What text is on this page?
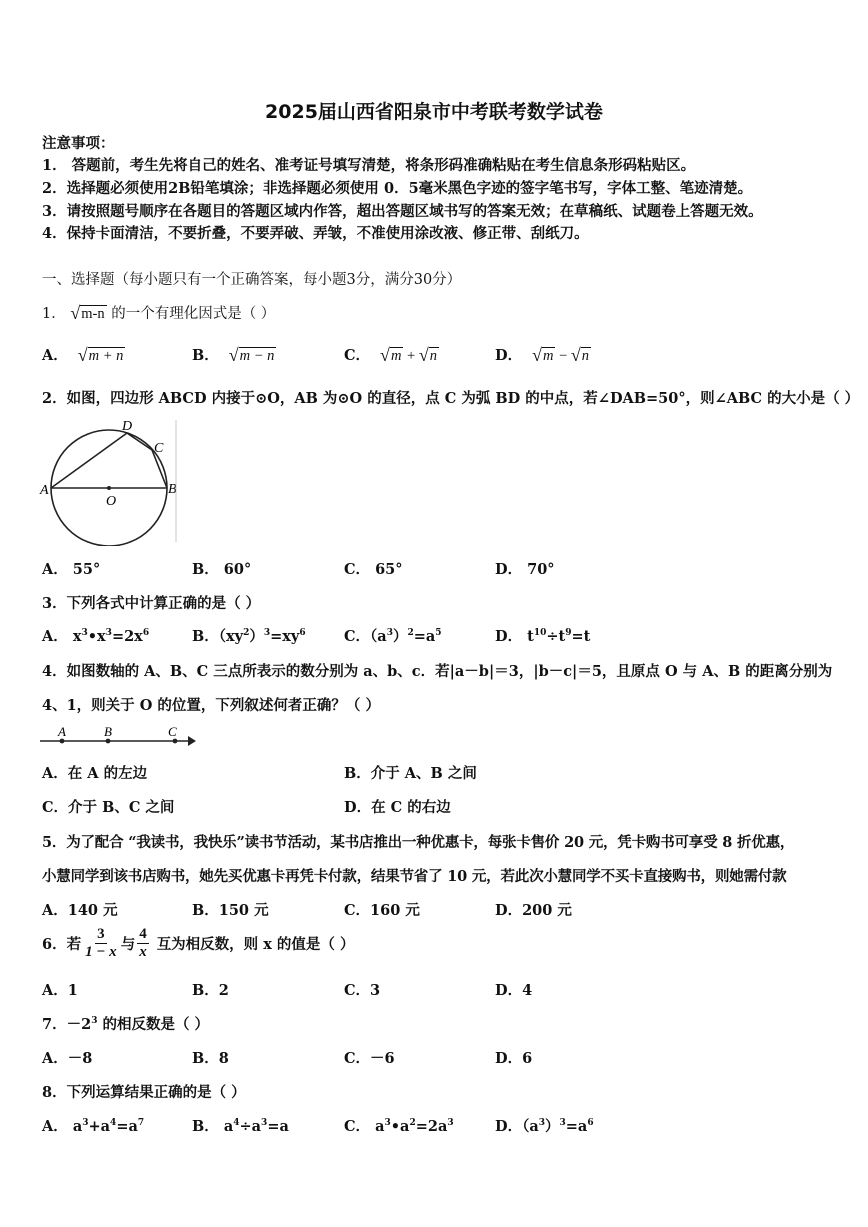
2025届山西省阳泉市中考联考数学试卷
注意事项：
1． 答题前，考生先将自己的姓名、准考证号填写清楚，将条形码准确粘贴在考生信息条形码粘贴区。
2．选择题必须使用2B铅笔填涂；非选择题必须使用 0．5毫米黑色字迹的签字笔书写，字体工整、笔迹清楚。
3．请按照题号顺序在各题目的答题区域内作答，超出答题区域书写的答案无效；在草稿纸、试题卷上答题无效。
4．保持卡面清洁，不要折叠，不要弄破、弄皱，不准使用涂改液、修正带、刮纸刀。
一、选择题（每小题只有一个正确答案，每小题3分，满分30分）
1． √m-n 的一个有理化因式是（ ）
A． √m + n	B． √m − n	C． √m + √n	D． √m − √n
2．如图，四边形 ABCD 内接于⊙O，AB 为⊙O 的直径，点 C 为弧 BD 的中点，若∠DAB=50°，则∠ABC 的大小是（ ）
A	B
C
D
O
A． 55°	B． 60°	C． 65°	D． 70°
3．下列各式中计算正确的是（ ）
A． $x^3•x^3=2x^6$	B．$(xy^2)^3=xy^6$	C．$(a^3)^2=a^5$	D． $t^{10}\div t^9=t$
4．如图数轴的 A、B、C 三点所表示的数分别为 a、b、c．若|a－b|＝3，|b－c|＝5，且原点 O 与 A、B 的距离分别为
4、1，则关于 O 的位置，下列叙述何者正确？（ ）
A	B	C
A．在 A 的左边	B．介于 A、B 之间
C．介于 B、C 之间	D．在 C 的右边
5．为了配合 “我读书，我快乐”读书节活动，某书店推出一种优惠卡，每张卡售价 20 元，凭卡购书可享受 8 折优惠，
小慧同学到该书店购书，她先买优惠卡再凭卡付款，结果节省了 10 元，若此次小慧同学不买卡直接购书，则她需付款
A．140 元	B．150 元	C．160 元	D．200 元
6．若 $\frac{3}{1 - x}$ 与 $\frac{4}{x}$ 互为相反数，则 x 的值是（ ）
A．1	B．2	C．3	D．4
7．$-2^3$ 的相反数是（ ）
A．－8	B．8	C．－6	D．6
8．下列运算结果正确的是（ ）
A． $a^3+a^4=a^7$	B． $a^4\div a^3=a$	C． $a^3•a^2=2a^3$	D．$(a^3)^3=a^6$
